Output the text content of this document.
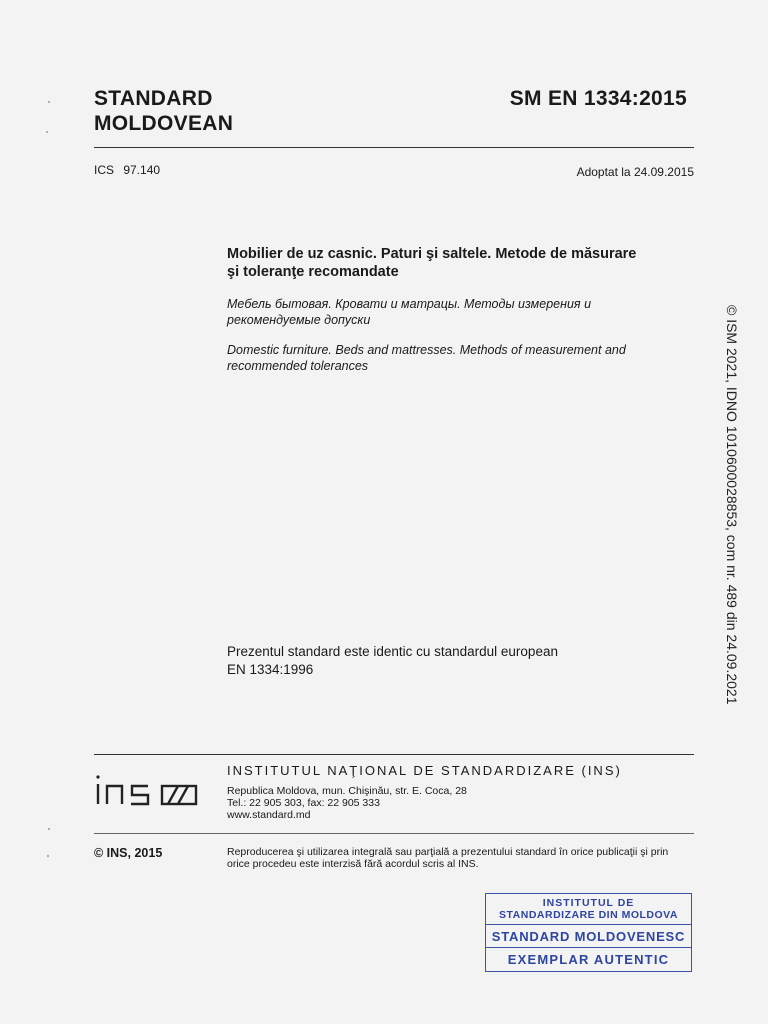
STANDARD
MOLDOVEAN
SM EN 1334:2015
ICS 97.140	Adoptat la 24.09.2015
Mobilier de uz casnic. Paturi şi saltele. Metode de măsurare
şi toleranţe recomandate
Мебель бытовая. Кровати и матрацы. Методы измерения и
рекомендуемые допуски
Domestic furniture. Beds and mattresses. Methods of measurement and
recommended tolerances
Prezentul standard este identic cu standardul european
EN 1334:1996
INSTITUTUL NAŢIONAL DE STANDARDIZARE (INS)
Republica Moldova, mun. Chişinău, str. E. Coca, 28
Tel.: 22 905 303, fax: 22 905 333
www.standard.md
© INS, 2015	Reproducerea şi utilizarea integrală sau parţială a prezentului standard în orice publicaţii şi prin
orice procedeu este interzisă fără acordul scris al INS.
INSTITUTUL DE
STANDARDIZARE DIN MOLDOVA
STANDARD MOLDOVENESC
EXEMPLAR AUTENTIC
© ISM 2021, IDNO 1010600028853, com nr. 489 din 24.09.2021
